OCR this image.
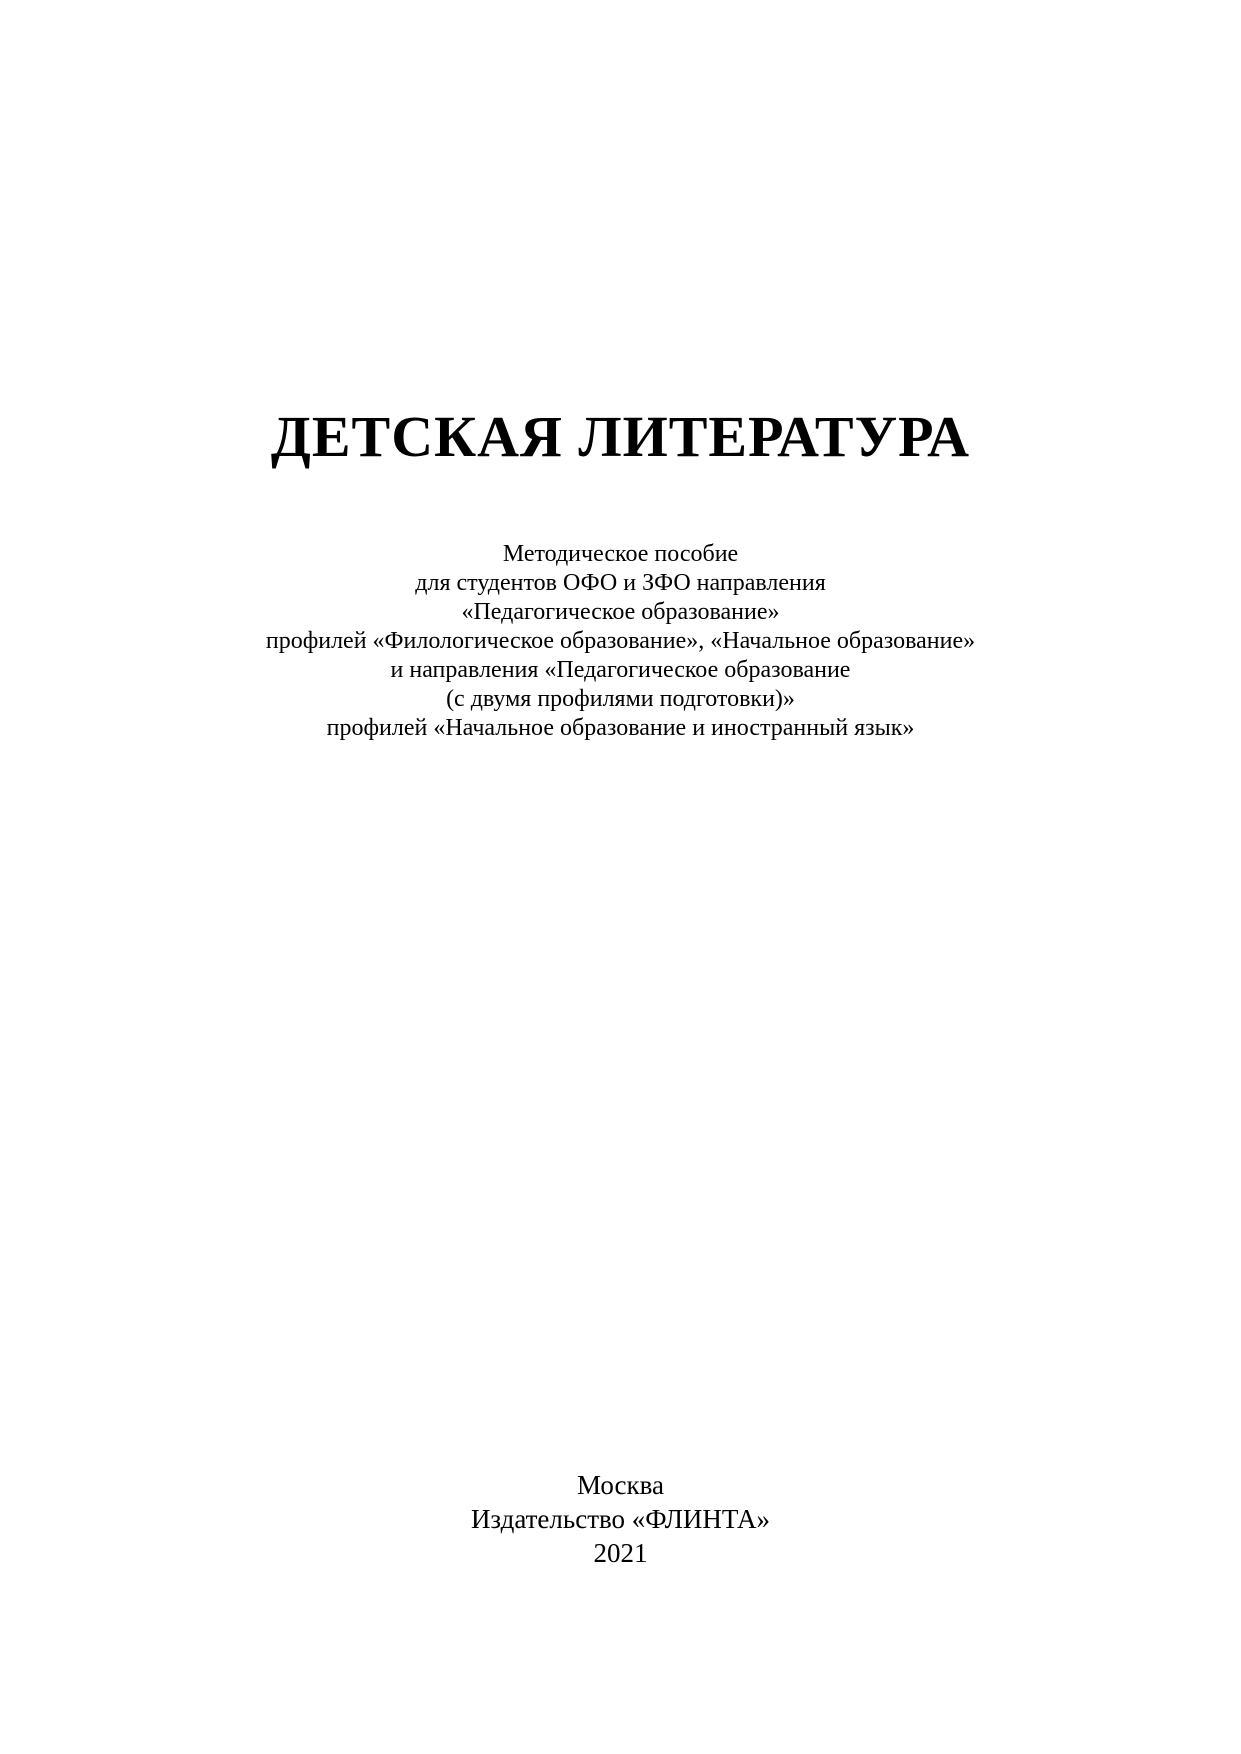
ДЕТСКАЯ ЛИТЕРАТУРА
Методическое пособие
для студентов ОФО и ЗФО направления
«Педагогическое образование»
профилей «Филологическое образование», «Начальное образование»
и направления «Педагогическое образование
(с двумя профилями подготовки)»
профилей «Начальное образование и иностранный язык»
Москва
Издательство «ФЛИНТА»
2021
